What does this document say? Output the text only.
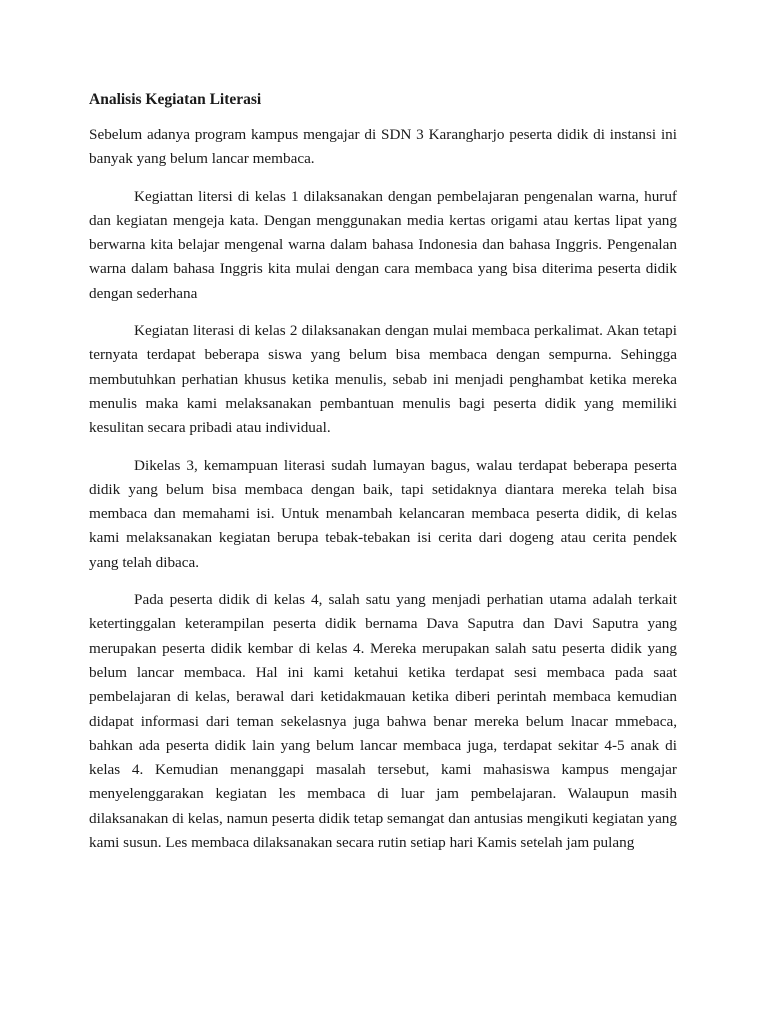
Analisis Kegiatan Literasi

Sebelum adanya program kampus mengajar di SDN 3 Karangharjo peserta didik di instansi ini banyak yang belum lancar membaca.

Kegiattan litersi di kelas 1 dilaksanakan dengan pembelajaran pengenalan warna, huruf dan kegiatan mengeja kata. Dengan menggunakan media kertas origami atau kertas lipat yang berwarna kita belajar mengenal warna dalam bahasa Indonesia dan bahasa Inggris. Pengenalan warna dalam bahasa Inggris kita mulai dengan cara membaca yang bisa diterima peserta didik dengan sederhana

Kegiatan literasi di kelas 2 dilaksanakan dengan mulai membaca perkalimat. Akan tetapi ternyata terdapat beberapa siswa yang belum bisa membaca dengan sempurna. Sehingga membutuhkan perhatian khusus ketika menulis, sebab ini menjadi penghambat ketika mereka menulis maka kami melaksanakan pembantuan menulis bagi peserta didik yang memiliki kesulitan secara pribadi atau individual.

Dikelas 3, kemampuan literasi sudah lumayan bagus, walau terdapat beberapa peserta didik yang belum bisa membaca dengan baik, tapi setidaknya diantara mereka telah bisa membaca dan memahami isi. Untuk menambah kelancaran membaca peserta didik, di kelas kami melaksanakan kegiatan berupa tebak-tebakan isi cerita dari dogeng atau cerita pendek yang telah dibaca.

Pada peserta didik di kelas 4, salah satu yang menjadi perhatian utama adalah terkait ketertinggalan keterampilan peserta didik bernama Dava Saputra dan Davi Saputra yang merupakan peserta didik kembar di kelas 4. Mereka merupakan salah satu peserta didik yang belum lancar membaca. Hal ini kami ketahui ketika terdapat sesi membaca pada saat pembelajaran di kelas, berawal dari ketidakmauan ketika diberi perintah membaca kemudian didapat informasi dari teman sekelasnya juga bahwa benar mereka belum lnacar mmebaca, bahkan ada peserta didik lain yang belum lancar membaca juga, terdapat sekitar 4-5 anak di kelas 4. Kemudian menanggapi masalah tersebut, kami mahasiswa kampus mengajar menyelenggarakan kegiatan les membaca di luar jam pembelajaran. Walaupun masih dilaksanakan di kelas, namun peserta didik tetap semangat dan antusias mengikuti kegiatan yang kami susun. Les membaca dilaksanakan secara rutin setiap hari Kamis setelah jam pulang
